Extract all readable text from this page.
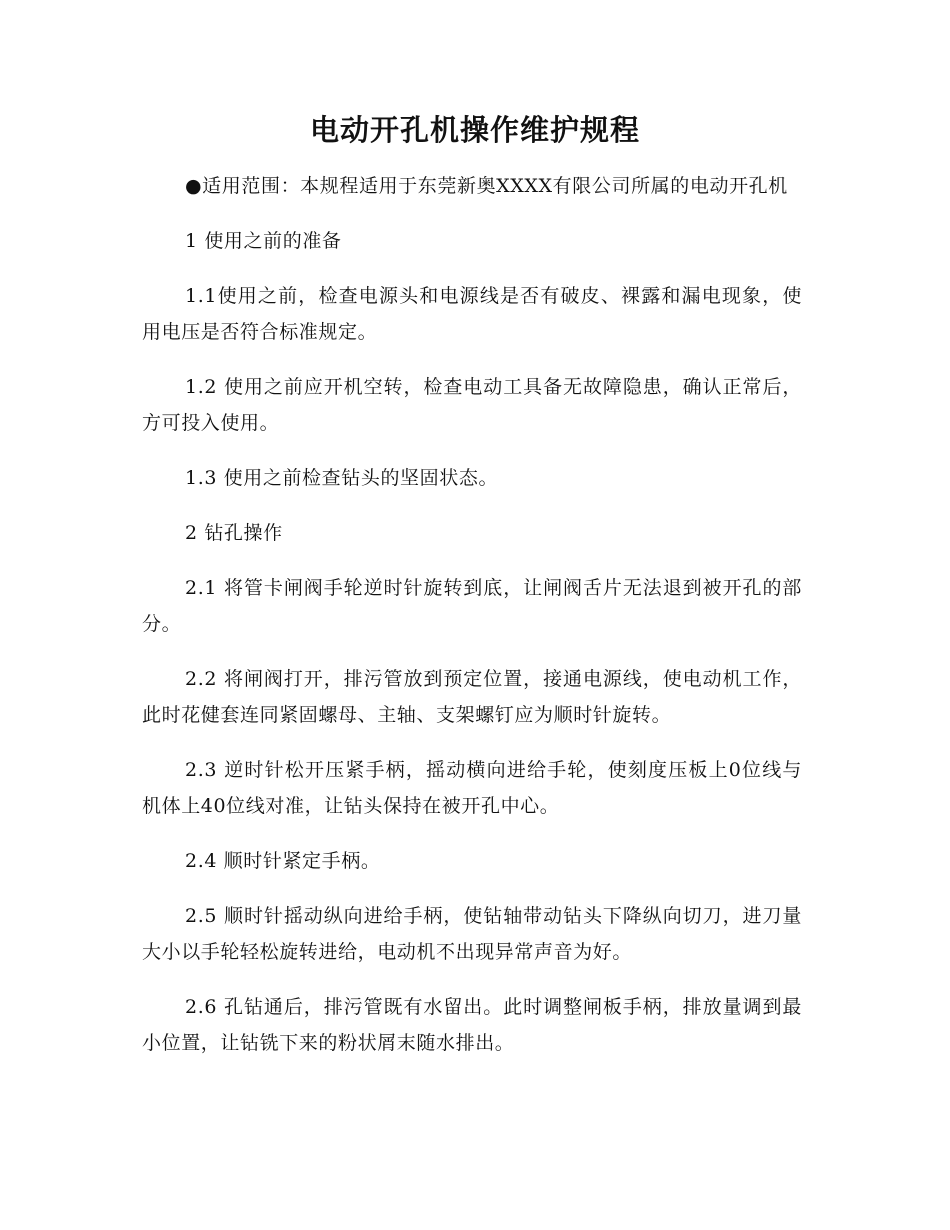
电动开孔机操作维护规程

●适用范围：本规程适用于东莞新奥XXXX有限公司所属的电动开孔机

1 使用之前的准备

1.1使用之前，检查电源头和电源线是否有破皮、裸露和漏电现象，使用电压是否符合标准规定。

1.2 使用之前应开机空转，检查电动工具备无故障隐患，确认正常后，方可投入使用。

1.3 使用之前检查钻头的坚固状态。

2 钻孔操作

2.1 将管卡闸阀手轮逆时针旋转到底，让闸阀舌片无法退到被开孔的部分。

2.2 将闸阀打开，排污管放到预定位置，接通电源线，使电动机工作，此时花健套连同紧固螺母、主轴、支架螺钉应为顺时针旋转。

2.3 逆时针松开压紧手柄，摇动横向进给手轮，使刻度压板上0位线与机体上40位线对准，让钻头保持在被开孔中心。

2.4 顺时针紧定手柄。

2.5 顺时针摇动纵向进给手柄，使钻轴带动钻头下降纵向切刀，进刀量大小以手轮轻松旋转进给，电动机不出现异常声音为好。

2.6 孔钻通后，排污管既有水留出。此时调整闸板手柄，排放量调到最小位置，让钻铣下来的粉状屑末随水排出。
